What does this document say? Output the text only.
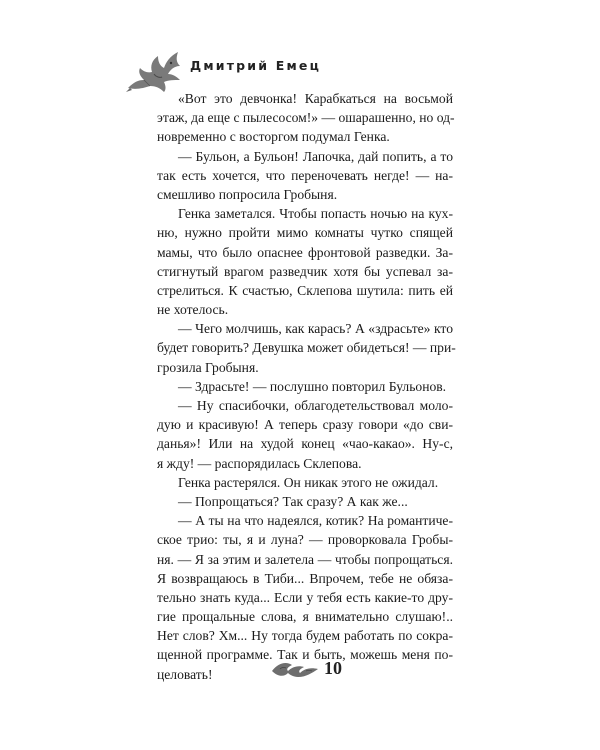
Дмитрий Емец
«Вот это девчонка! Карабкаться на восьмой
этаж, да еще с пылесосом!» — ошарашенно, но од-
новременно с восторгом подумал Генка.
— Бульон, а Бульон! Лапочка, дай попить, а то
так есть хочется, что переночевать негде! — на-
смешливо попросила Гробыня.
Генка заметался. Чтобы попасть ночью на кух-
ню, нужно пройти мимо комнаты чутко спящей
мамы, что было опаснее фронтовой разведки. За-
стигнутый врагом разведчик хотя бы успевал за-
стрелиться. К счастью, Склепова шутила: пить ей
не хотелось.
— Чего молчишь, как карась? А «здрасьте» кто
будет говорить? Девушка может обидеться! — при-
грозила Гробыня.
— Здрасьте! — послушно повторил Бульонов.
— Ну спасибочки, облагодетельствовал моло-
дую и красивую! А теперь сразу говори «до сви-
данья»! Или на худой конец «чао-какао». Ну-с,
я жду! — распорядилась Склепова.
Генка растерялся. Он никак этого не ожидал.
— Попрощаться? Так сразу? А как же...
— А ты на что надеялся, котик? На романтиче-
ское трио: ты, я и луна? — проворковала Гробы-
ня. — Я за этим и залетела — чтобы попрощаться.
Я возвращаюсь в Тиби... Впрочем, тебе не обяза-
тельно знать куда... Если у тебя есть какие-то дру-
гие прощальные слова, я внимательно слушаю!..
Нет слов? Хм... Ну тогда будем работать по сокра-
щенной программе. Так и быть, можешь меня по-
целовать!	10
